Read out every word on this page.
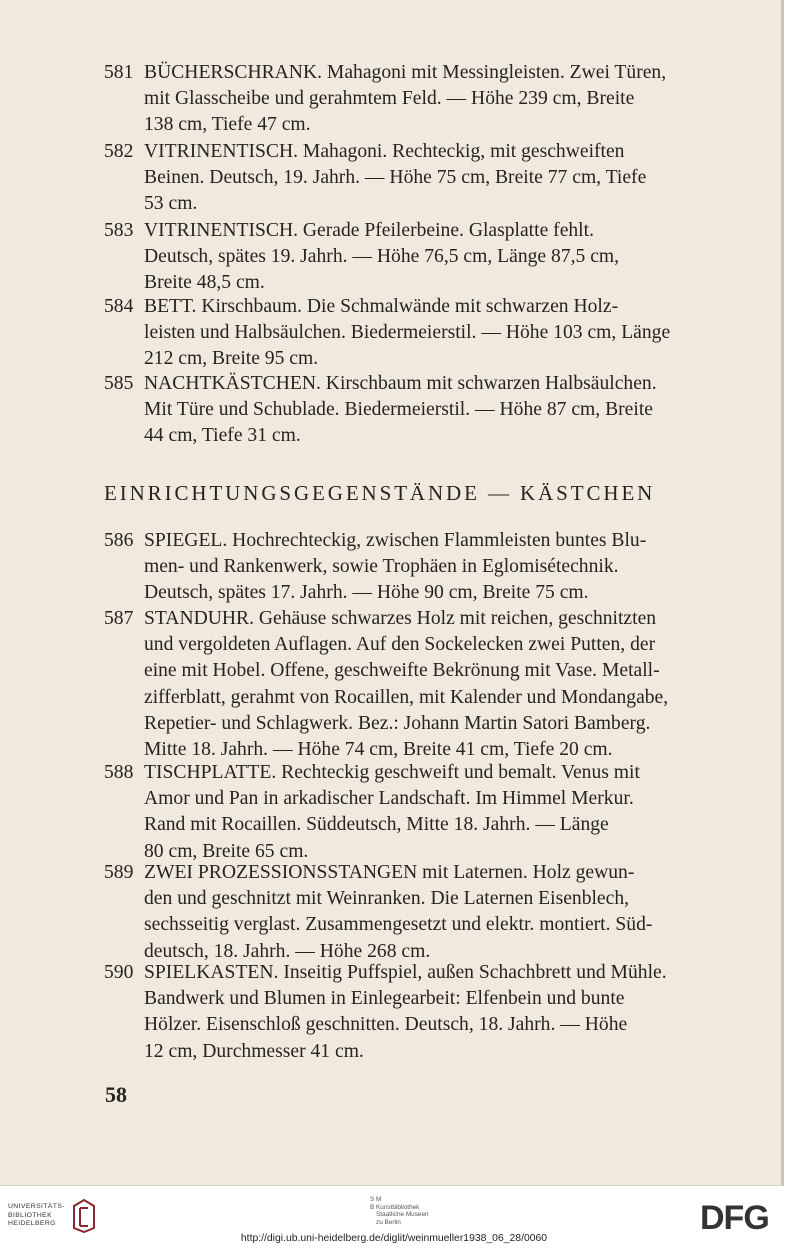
581 BÜCHERSCHRANK. Mahagoni mit Messingleisten. Zwei Türen,
mit Glasscheibe und gerahmtem Feld. — Höhe 239 cm, Breite
138 cm, Tiefe 47 cm.
582 VITRINENTISCH. Mahagoni. Rechteckig, mit geschweiften
Beinen. Deutsch, 19. Jahrh. — Höhe 75 cm, Breite 77 cm, Tiefe
53 cm.
583 VITRINENTISCH. Gerade Pfeilerbeine. Glasplatte fehlt.
Deutsch, spätes 19. Jahrh. — Höhe 76,5 cm, Länge 87,5 cm,
Breite 48,5 cm.
584 BETT. Kirschbaum. Die Schmalwände mit schwarzen Holz-
leisten und Halbsäulchen. Biedermeierstil. — Höhe 103 cm, Länge
212 cm, Breite 95 cm.
585 NACHTKÄSTCHEN. Kirschbaum mit schwarzen Halbsäulchen.
Mit Türe und Schublade. Biedermeierstil. — Höhe 87 cm, Breite
44 cm, Tiefe 31 cm.
EINRICHTUNGSGEGENSTÄNDE — KÄSTCHEN
586 SPIEGEL. Hochrechteckig, zwischen Flammleisten buntes Blu-
men- und Rankenwerk, sowie Trophäen in Eglomisétechnik.
Deutsch, spätes 17. Jahrh. — Höhe 90 cm, Breite 75 cm.
587 STANDUHR. Gehäuse schwarzes Holz mit reichen, geschnitzten
und vergoldeten Auflagen. Auf den Sockelecken zwei Putten, der
eine mit Hobel. Offene, geschweifte Bekrönung mit Vase. Metall-
zifferblatt, gerahmt von Rocaillen, mit Kalender und Mondangabe,
Repetier- und Schlagwerk. Bez.: Johann Martin Satori Bamberg.
Mitte 18. Jahrh. — Höhe 74 cm, Breite 41 cm, Tiefe 20 cm.
588 TISCHPLATTE. Rechteckig geschweift und bemalt. Venus mit
Amor und Pan in arkadischer Landschaft. Im Himmel Merkur.
Rand mit Rocaillen. Süddeutsch, Mitte 18. Jahrh. — Länge
80 cm, Breite 65 cm.
589 ZWEI PROZESSIONSSTANGEN mit Laternen. Holz gewun-
den und geschnitzt mit Weinranken. Die Laternen Eisenblech,
sechsseitig verglast. Zusammengesetzt und elektr. montiert. Süd-
deutsch, 18. Jahrh. — Höhe 268 cm.
590 SPIELKASTEN. Inseitig Puffspiel, außen Schachbrett und Mühle.
Bandwerk und Blumen in Einlegearbeit: Elfenbein und bunte
Hölzer. Eisenschloß geschnitten. Deutsch, 18. Jahrh. — Höhe
12 cm, Durchmesser 41 cm.
58
UNIVERSITÄTS-
BIBLIOTHEK
HEIDELBERG
S M
B Kunstbibliothek
Staatliche Museen
zu Berlin	DFG
http://digi.ub.uni-heidelberg.de/diglit/weinmueller1938_06_28/0060
